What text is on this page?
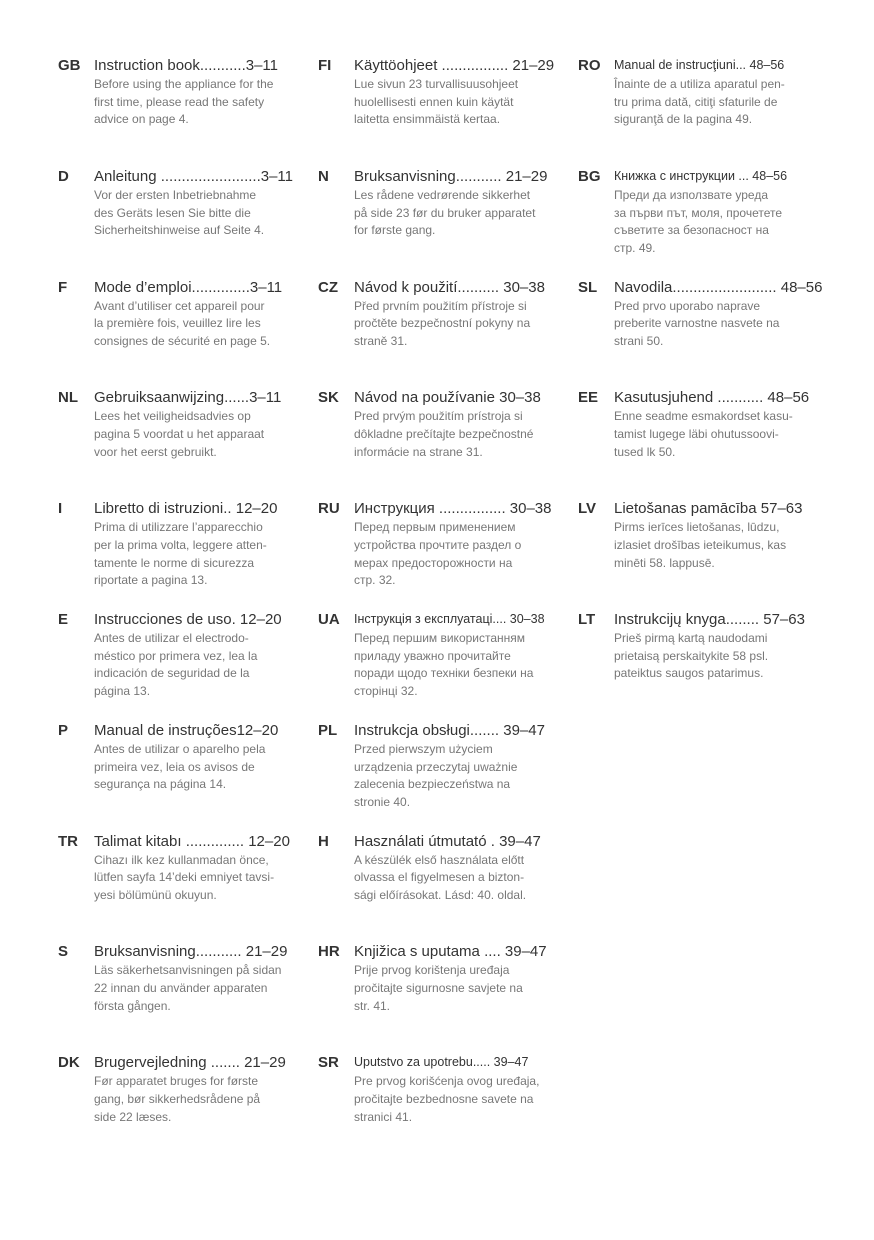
GB Instruction book...........3–11
Before using the appliance for the
first time, please read the safety
advice on page 4.
D Anleitung ........................3–11
Vor der ersten Inbetriebnahme
des Geräts lesen Sie bitte die
Sicherheitshinweise auf Seite 4.
F Mode d’emploi..............3–11
Avant d’utiliser cet appareil pour
la première fois, veuillez lire les
consignes de sécurité en page 5.
NL Gebruiksaanwijzing......3–11
Lees het veiligheidsadvies op
pagina 5 voordat u het apparaat
voor het eerst gebruikt.
I Libretto di istruzioni.. 12–20
Prima di utilizzare l’apparecchio
per la prima volta, leggere atten-
tamente le norme di sicurezza
riportate a pagina 13.
E Instrucciones de uso. 12–20
Antes de utilizar el electrodo-
méstico por primera vez, lea la
indicación de seguridad de la
página 13.
P Manual de instruções12–20
Antes de utilizar o aparelho pela
primeira vez, leia os avisos de
segurança na página 14.
TR Talimat kitabı .............. 12–20
Cihazı ilk kez kullanmadan önce,
lütfen sayfa 14’deki emniyet tavsi-
yesi bölümünü okuyun.
S Bruksanvisning........... 21–29
Läs säkerhetsanvisningen på sidan
22 innan du använder apparaten
första gången.
DK Brugervejledning ....... 21–29
Før apparatet bruges for første
gang, bør sikkerhedsrådene på
side 22 læses.
FI Käyttöohjeet ................ 21–29
Lue sivun 23 turvallisuusohjeet
huolellisesti ennen kuin käytät
laitetta ensimmäistä kertaa.
N Bruksanvisning........... 21–29
Les rådene vedrørende sikkerhet
på side 23 før du bruker apparatet
for første gang.
CZ Návod k použití.......... 30–38
Před prvním použitím přístroje si
pročtěte bezpečnostní pokyny na
straně 31.
SK Návod na používanie 30–38
Pred prvým použitím prístroja si
dôkladne prečítajte bezpečnostné
informácie na strane 31.
RU Инструкция ................ 30–38
Перед первым применением
устройства прочтите раздел о
мерах предосторожности на
стр. 32.
UA Інструкція з експлуатаці.... 30–38
Перед першим використанням
приладу уважно прочитайте
поради щодо техніки безпеки на
сторінці 32.
PL Instrukcja obsługi....... 39–47
Przed pierwszym użyciem
urządzenia przeczytaj uważnie
zalecenia bezpieczeństwa na
stronie 40.
H Használati útmutató . 39–47
A készülék első használata előtt
olvassa el figyelmesen a bizton-
sági előírásokat. Lásd: 40. oldal.
HR Knjižica s uputama .... 39–47
Prije prvog korištenja uređaja
pročitajte sigurnosne savjete na
str. 41.
SR Uputstvo za upotrebu..... 39–47
Pre prvog korišćenja ovog uređaja,
pročitajte bezbednosne savete na
stranici 41.
RO Manual de instrucţiuni... 48–56
Înainte de a utiliza aparatul pen-
tru prima dată, citiţi sfaturile de
siguranţă de la pagina 49.
BG Книжка с инструкции ... 48–56
Преди да използвате уреда
за първи път, моля, прочетете
съветите за безопасност на
стр. 49.
SL Navodila......................... 48–56
Pred prvo uporabo naprave
preberite varnostne nasvete na
strani 50.
EE Kasutusjuhend ........... 48–56
Enne seadme esmakordset kasu-
tamist lugege läbi ohutussoovi-
tused lk 50.
LV Lietošanas pamācība 57–63
Pirms ierīces lietošanas, lūdzu,
izlasiet drošības ieteikumus, kas
minēti 58. lappusē.
LT Instrukcijų knyga........ 57–63
Prieš pirmą kartą naudodami
prietaisą perskaitykite 58 psl.
pateiktus saugos patarimus.
